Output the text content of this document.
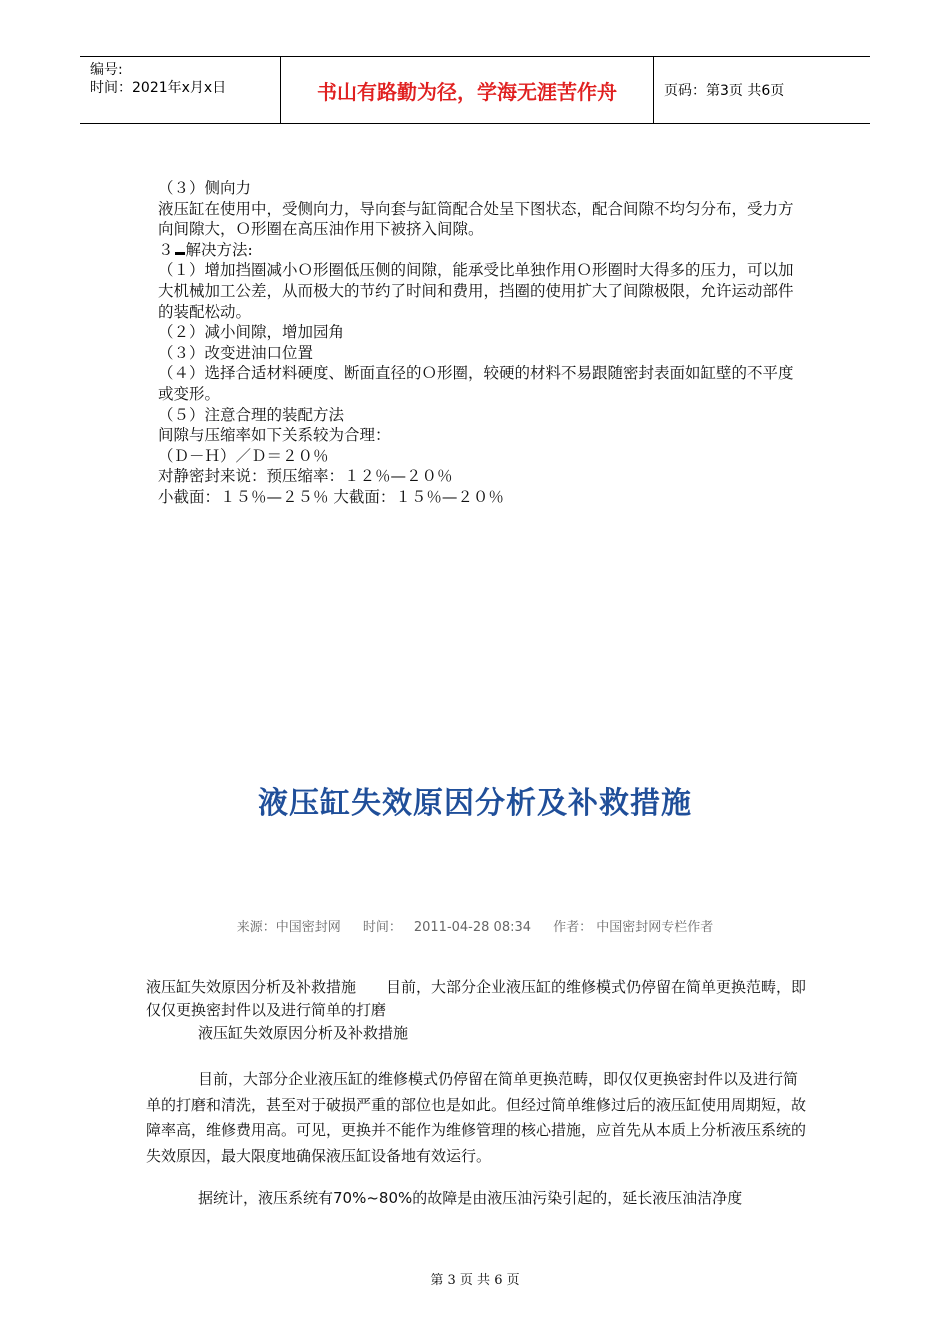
编号:
时间：2021年x月x日	书山有路勤为径，学海无涯苦作舟	页码：第3页 共6页

（３）侧向力

液压缸在使用中，受侧向力，导向套与缸筒配合处呈下图状态，配合间隙不均匀分布，受力方向间隙大，Ｏ形圈在高压油作用下被挤入间隙。

３ 解决方法:

（１）增加挡圈减小Ｏ形圈低压侧的间隙，能承受比单独作用Ｏ形圈时大得多的压力，可以加大机械加工公差，从而极大的节约了时间和费用，挡圈的使用扩大了间隙极限，允许运动部件的装配松动。

（２）减小间隙，增加园角

（３）改变进油口位置

（４）选择合适材料硬度、断面直径的Ｏ形圈，较硬的材料不易跟随密封表面如缸壁的不平度或变形。

（５）注意合理的装配方法

间隙与压缩率如下关系较为合理：

（Ｄ－Ｈ）／Ｄ＝２０％

对静密封来说：预压缩率：１２％—２０％

小截面：１５％—２５％ 大截面：１５％—２０％

液压缸失效原因分析及补救措施
来源：中国密封网 时间： 2011-04-28 08:34 作者： 中国密封网专栏作者

液压缸失效原因分析及补救措施　　目前，大部分企业液压缸的维修模式仍停留在简单更换范畴，即仅仅更换密封件以及进行简单的打磨

液压缸失效原因分析及补救措施

目前，大部分企业液压缸的维修模式仍停留在简单更换范畴，即仅仅更换密封件以及进行简单的打磨和清洗，甚至对于破损严重的部位也是如此。但经过简单维修过后的液压缸使用周期短，故障率高，维修费用高。可见，更换并不能作为维修管理的核心措施，应首先从本质上分析液压系统的失效原因，最大限度地确保液压缸设备地有效运行。

据统计，液压系统有70%~80%的故障是由液压油污染引起的，延长液压油洁净度

第 3 页 共 6 页
